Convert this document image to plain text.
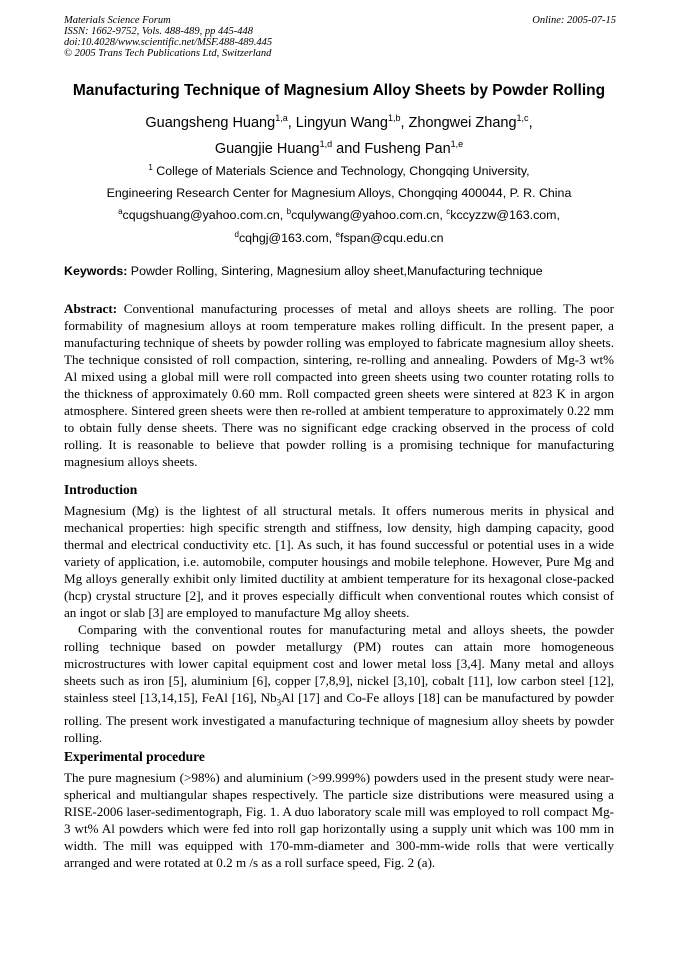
Materials Science Forum
ISSN: 1662-9752, Vols. 488-489, pp 445-448
doi:10.4028/www.scientific.net/MSF.488-489.445
© 2005 Trans Tech Publications Ltd, Switzerland
Online: 2005-07-15
Manufacturing Technique of Magnesium Alloy Sheets by Powder Rolling
Guangsheng Huang$^{1,a}$, Lingyun Wang$^{1,b}$, Zhongwei Zhang$^{1,c}$,
Guangjie Huang$^{1,d}$ and Fusheng Pan$^{1,e}$
$^1$ College of Materials Science and Technology, Chongqing University,
Engineering Research Center for Magnesium Alloys, Chongqing 400044, P. R. China
$^a$cqugshuang@yahoo.com.cn, $^b$cqulywang@yahoo.com.cn, $^c$kccyzzw@163.com,
$^d$cqhgj@163.com, $^e$fspan@cqu.edu.cn
Keywords: Powder Rolling, Sintering, Magnesium alloy sheet,Manufacturing technique
Abstract: Conventional manufacturing processes of metal and alloys sheets are rolling. The poor formability of magnesium alloys at room temperature makes rolling difficult. In the present paper, a manufacturing technique of sheets by powder rolling was employed to fabricate magnesium alloy sheets. The technique consisted of roll compaction, sintering, re-rolling and annealing. Powders of Mg-3 wt% Al mixed using a global mill were roll compacted into green sheets using two counter rotating rolls to the thickness of approximately 0.60 mm. Roll compacted green sheets were sintered at 823 K in argon atmosphere. Sintered green sheets were then re-rolled at ambient temperature to approximately 0.22 mm to obtain fully dense sheets. There was no significant edge cracking observed in the process of cold rolling. It is reasonable to believe that powder rolling is a promising technique for manufacturing magnesium alloys sheets.
Introduction
Magnesium (Mg) is the lightest of all structural metals. It offers numerous merits in physical and mechanical properties: high specific strength and stiffness, low density, high damping capacity, good thermal and electrical conductivity etc. [1]. As such, it has found successful or potential uses in a wide variety of application, i.e. automobile, computer housings and mobile telephone. However, Pure Mg and Mg alloys generally exhibit only limited ductility at ambient temperature for its hexagonal close-packed (hcp) crystal structure [2], and it proves especially difficult when conventional routes which consist of an ingot or slab [3] are employed to manufacture Mg alloy sheets.
Comparing with the conventional routes for manufacturing metal and alloys sheets, the powder rolling technique based on powder metallurgy (PM) routes can attain more homogeneous microstructures with lower capital equipment cost and lower metal loss [3,4]. Many metal and alloys sheets such as iron [5], aluminium [6], copper [7,8,9], nickel [3,10], cobalt [11], low carbon steel [12], stainless steel [13,14,15], FeAl [16], $Nb_3Al$ [17] and Co-Fe alloys [18] can be manufactured by powder rolling. The present work investigated a manufacturing technique of magnesium alloy sheets by powder rolling.
Experimental procedure
The pure magnesium (>98%) and aluminium (>99.999%) powders used in the present study were near-spherical and multiangular shapes respectively. The particle size distributions were measured using a RISE-2006 laser-sedimentograph, Fig. 1. A duo laboratory scale mill was employed to roll compact Mg-3 wt% Al powders which were fed into roll gap horizontally using a supply unit which was 100 mm in width. The mill was equipped with 170-mm-diameter and 300-mm-wide rolls that were vertically arranged and were rotated at 0.2 m /s as a roll surface speed, Fig. 2 (a).
